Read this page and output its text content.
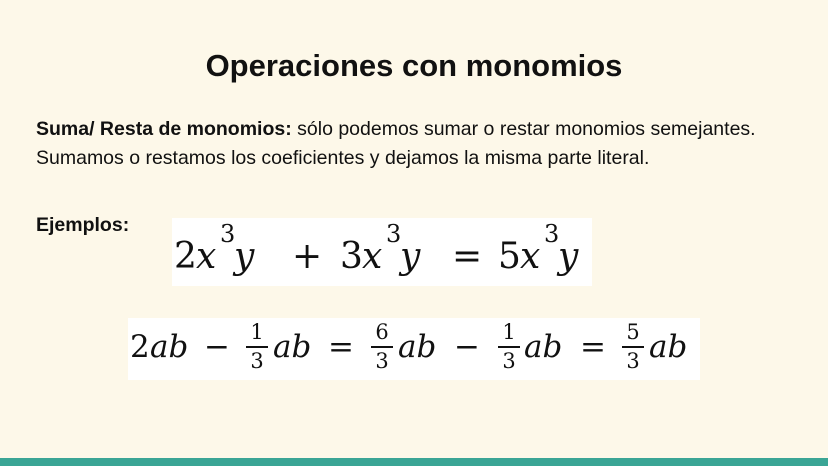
Operaciones con monomios
Suma/ Resta de monomios: sólo podemos sumar o restar monomios semejantes. Sumamos o restamos los coeficientes y dejamos la misma parte literal.
Ejemplos:
2 x
3
y + 3 x
3
y = 5 x
3
y
2 ab − 1
3 ab = 6
3 ab − 1
3 ab = 5
3 ab
